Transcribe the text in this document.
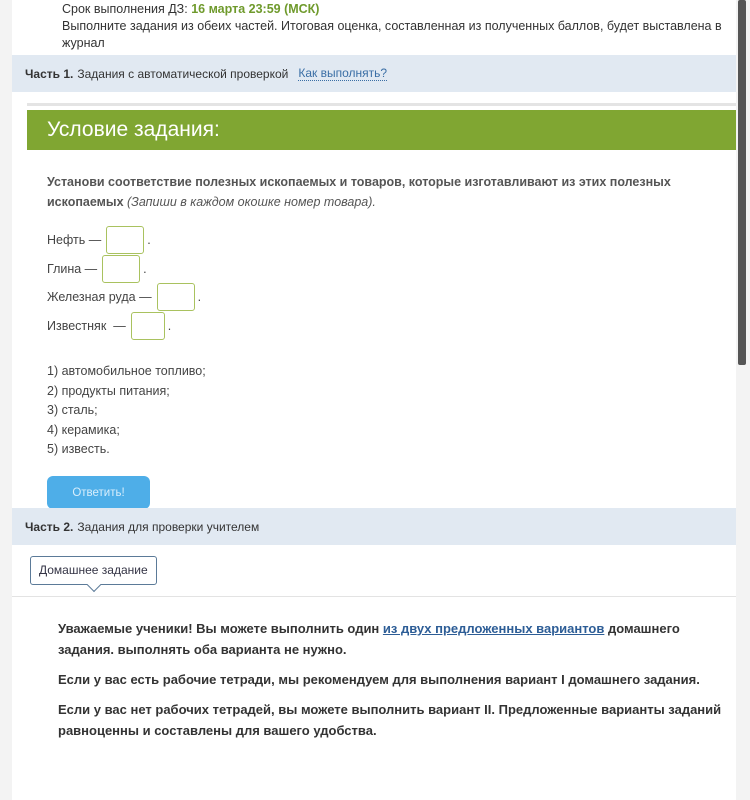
Срок выполнения ДЗ: 16 марта 23:59 (МСК)
Выполните задания из обеих частей. Итоговая оценка, составленная из полученных баллов, будет выставлена в журнал
Часть 1. Задания с автоматической проверкой Как выполнять?
Условие задания:
Установи соответствие полезных ископаемых и товаров, которые изготавливают из этих полезных ископаемых (Запиши в каждом окошке номер товара).
Нефть —	.
Глина —	.
Железная руда —	.
Известняк  —	.
1) автомобильное топливо;
2) продукты питания;
3) сталь;
4) керамика;
5) известь.
Ответить!
Часть 2. Задания для проверки учителем
Домашнее задание

Уважаемые ученики! Вы можете выполнить один из двух предложенных вариантов домашнего задания. выполнять оба варианта не нужно.

Если у вас есть рабочие тетради, мы рекомендуем для выполнения вариант I домашнего задания.

Если у вас нет рабочих тетрадей, вы можете выполнить вариант II. Предложенные варианты заданий равноценны и составлены для вашего удобства.
